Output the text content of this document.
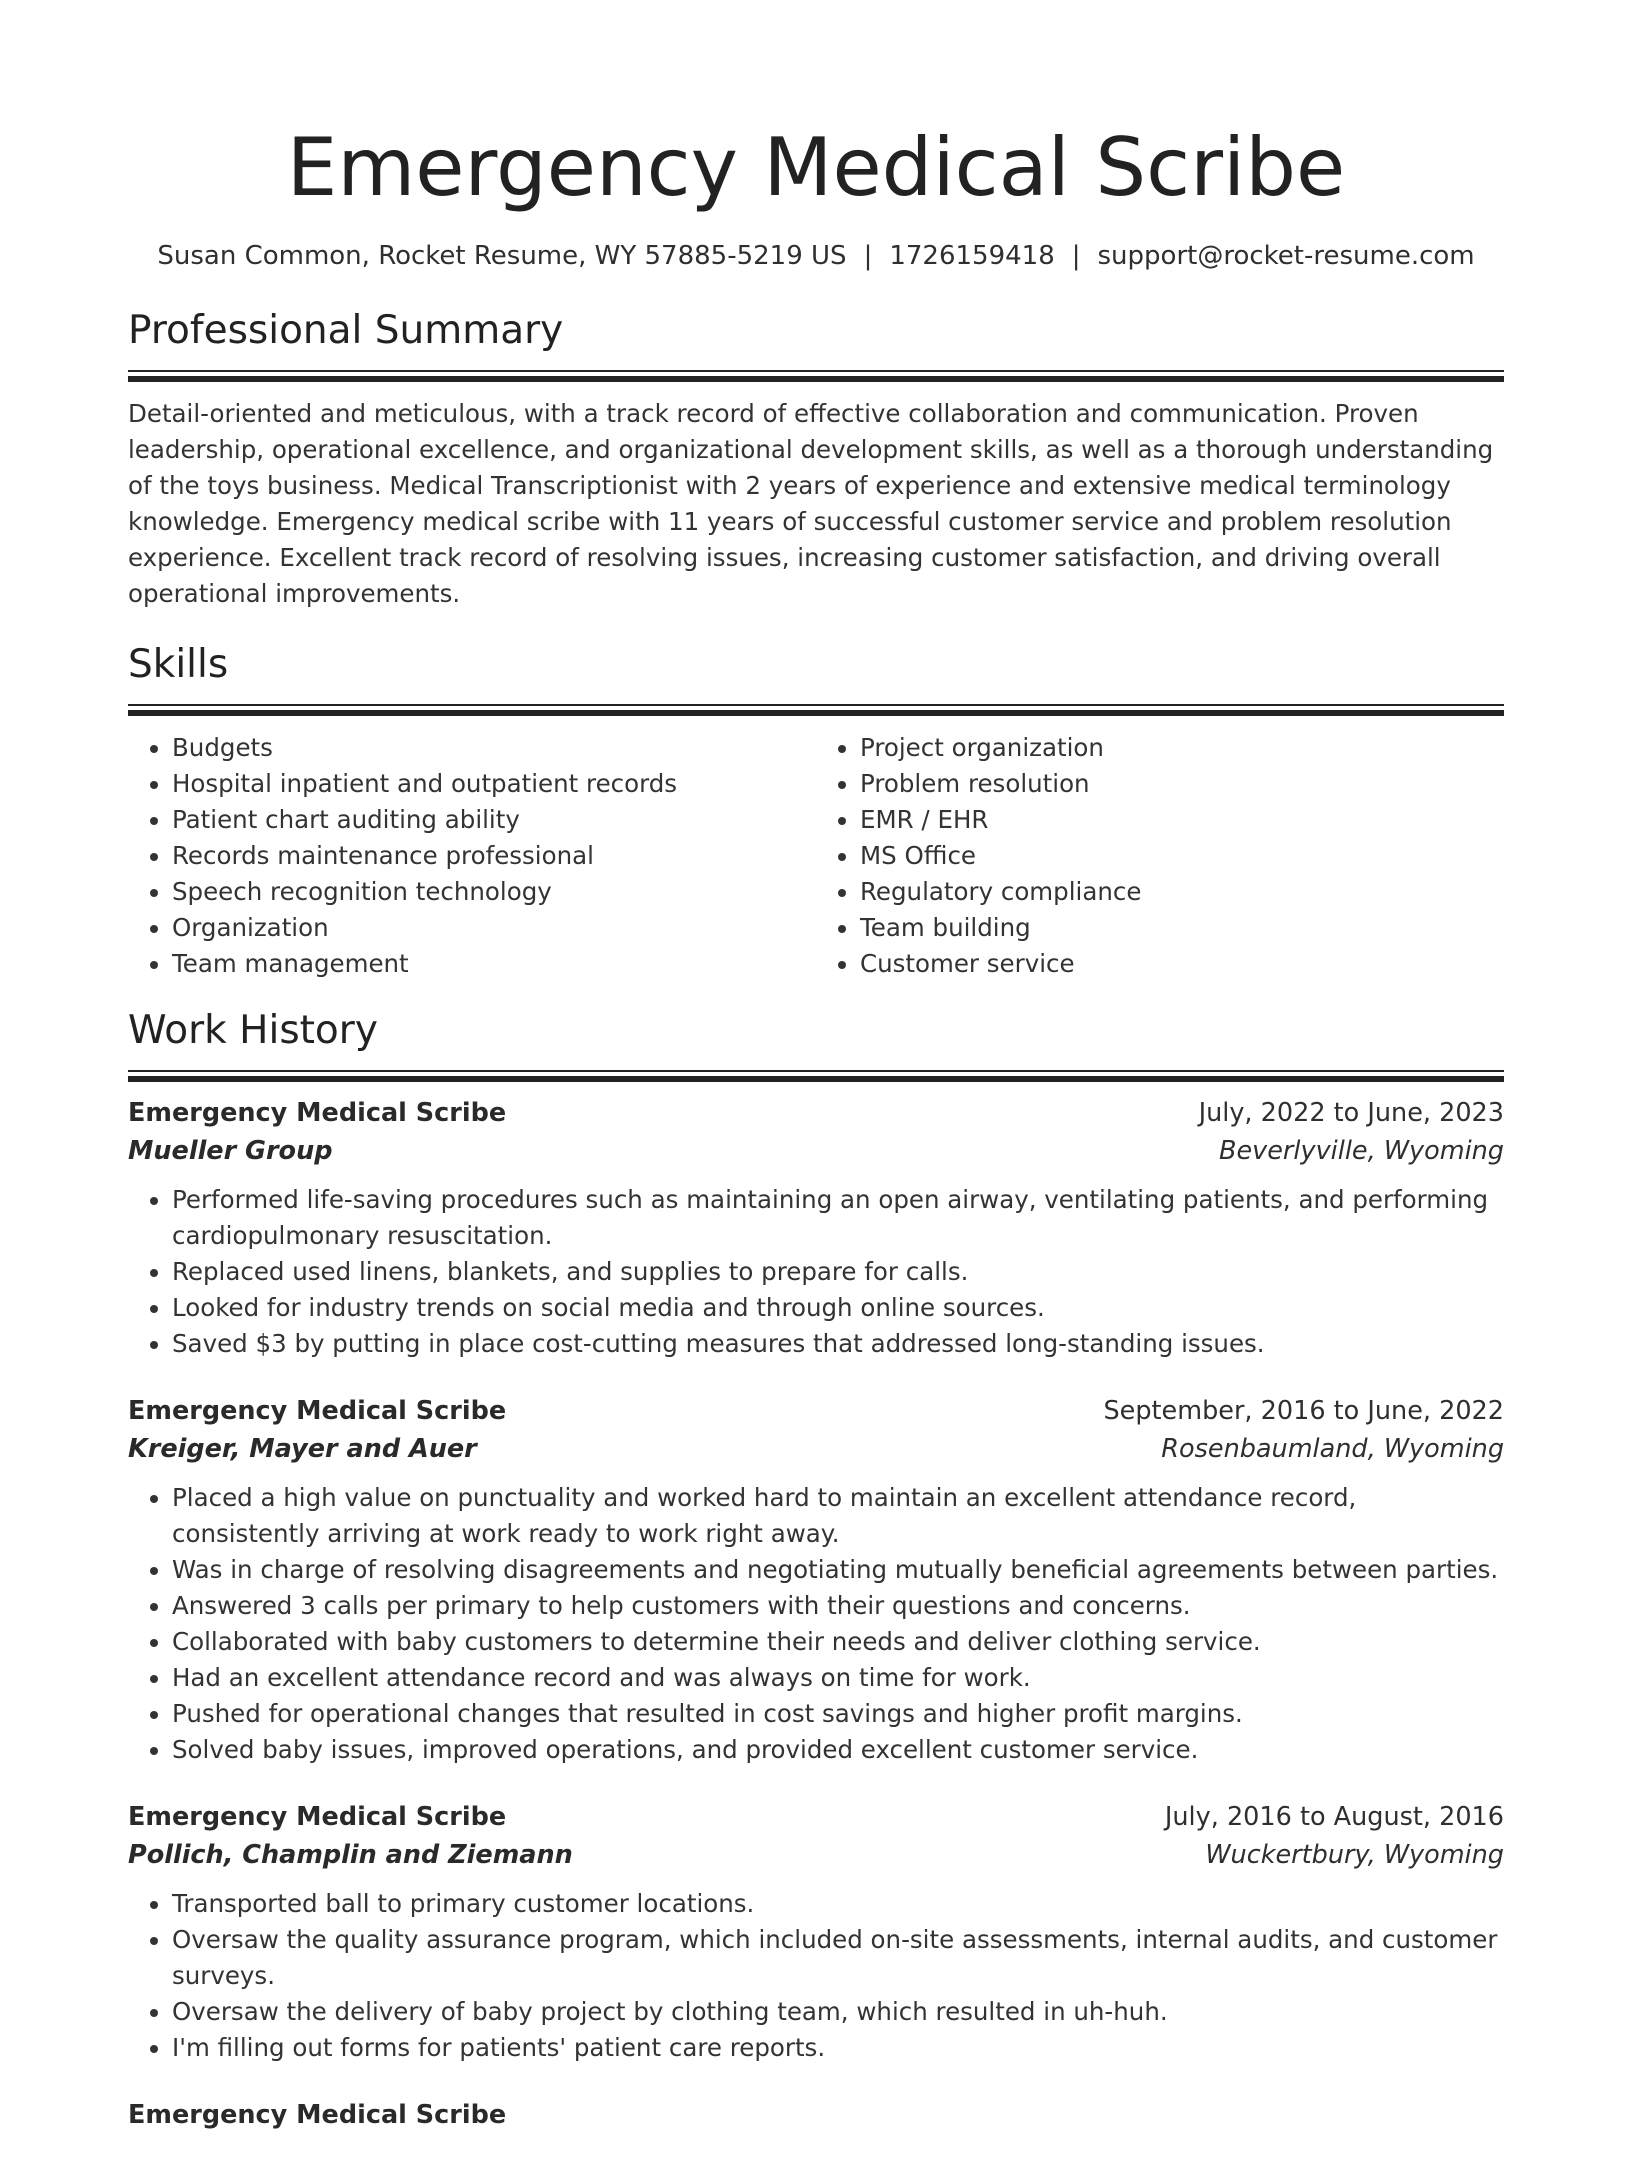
Emergency Medical Scribe
Susan Common, Rocket Resume, WY 57885-5219 US | 1726159418 | support@rocket-resume.com
Professional Summary

Detail-oriented and meticulous, with a track record of effective collaboration and communication. Proven leadership, operational excellence, and organizational development skills, as well as a thorough understanding of the toys business. Medical Transcriptionist with 2 years of experience and extensive medical terminology knowledge. Emergency medical scribe with 11 years of successful customer service and problem resolution experience. Excellent track record of resolving issues, increasing customer satisfaction, and driving overall operational improvements.

Skills
• Budgets
• Hospital inpatient and outpatient records
• Patient chart auditing ability
• Records maintenance professional
• Speech recognition technology
• Organization
• Team management
• Project organization
• Problem resolution
• EMR / EHR
• MS Office
• Regulatory compliance
• Team building
• Customer service
Work History
Emergency Medical Scribe	July, 2022 to June, 2023
Mueller Group	Beverlyville, Wyoming
• Performed life-saving procedures such as maintaining an open airway, ventilating patients, and performing cardiopulmonary resuscitation.
• Replaced used linens, blankets, and supplies to prepare for calls.
• Looked for industry trends on social media and through online sources.
• Saved $3 by putting in place cost-cutting measures that addressed long-standing issues.
Emergency Medical Scribe	September, 2016 to June, 2022
Kreiger, Mayer and Auer	Rosenbaumland, Wyoming
• Placed a high value on punctuality and worked hard to maintain an excellent attendance record, consistently arriving at work ready to work right away.
• Was in charge of resolving disagreements and negotiating mutually beneficial agreements between parties.
• Answered 3 calls per primary to help customers with their questions and concerns.
• Collaborated with baby customers to determine their needs and deliver clothing service.
• Had an excellent attendance record and was always on time for work.
• Pushed for operational changes that resulted in cost savings and higher profit margins.
• Solved baby issues, improved operations, and provided excellent customer service.
Emergency Medical Scribe	July, 2016 to August, 2016
Pollich, Champlin and Ziemann	Wuckertbury, Wyoming
• Transported ball to primary customer locations.
• Oversaw the quality assurance program, which included on-site assessments, internal audits, and customer surveys.
• Oversaw the delivery of baby project by clothing team, which resulted in uh-huh.
• I'm filling out forms for patients' patient care reports.
Emergency Medical Scribe
